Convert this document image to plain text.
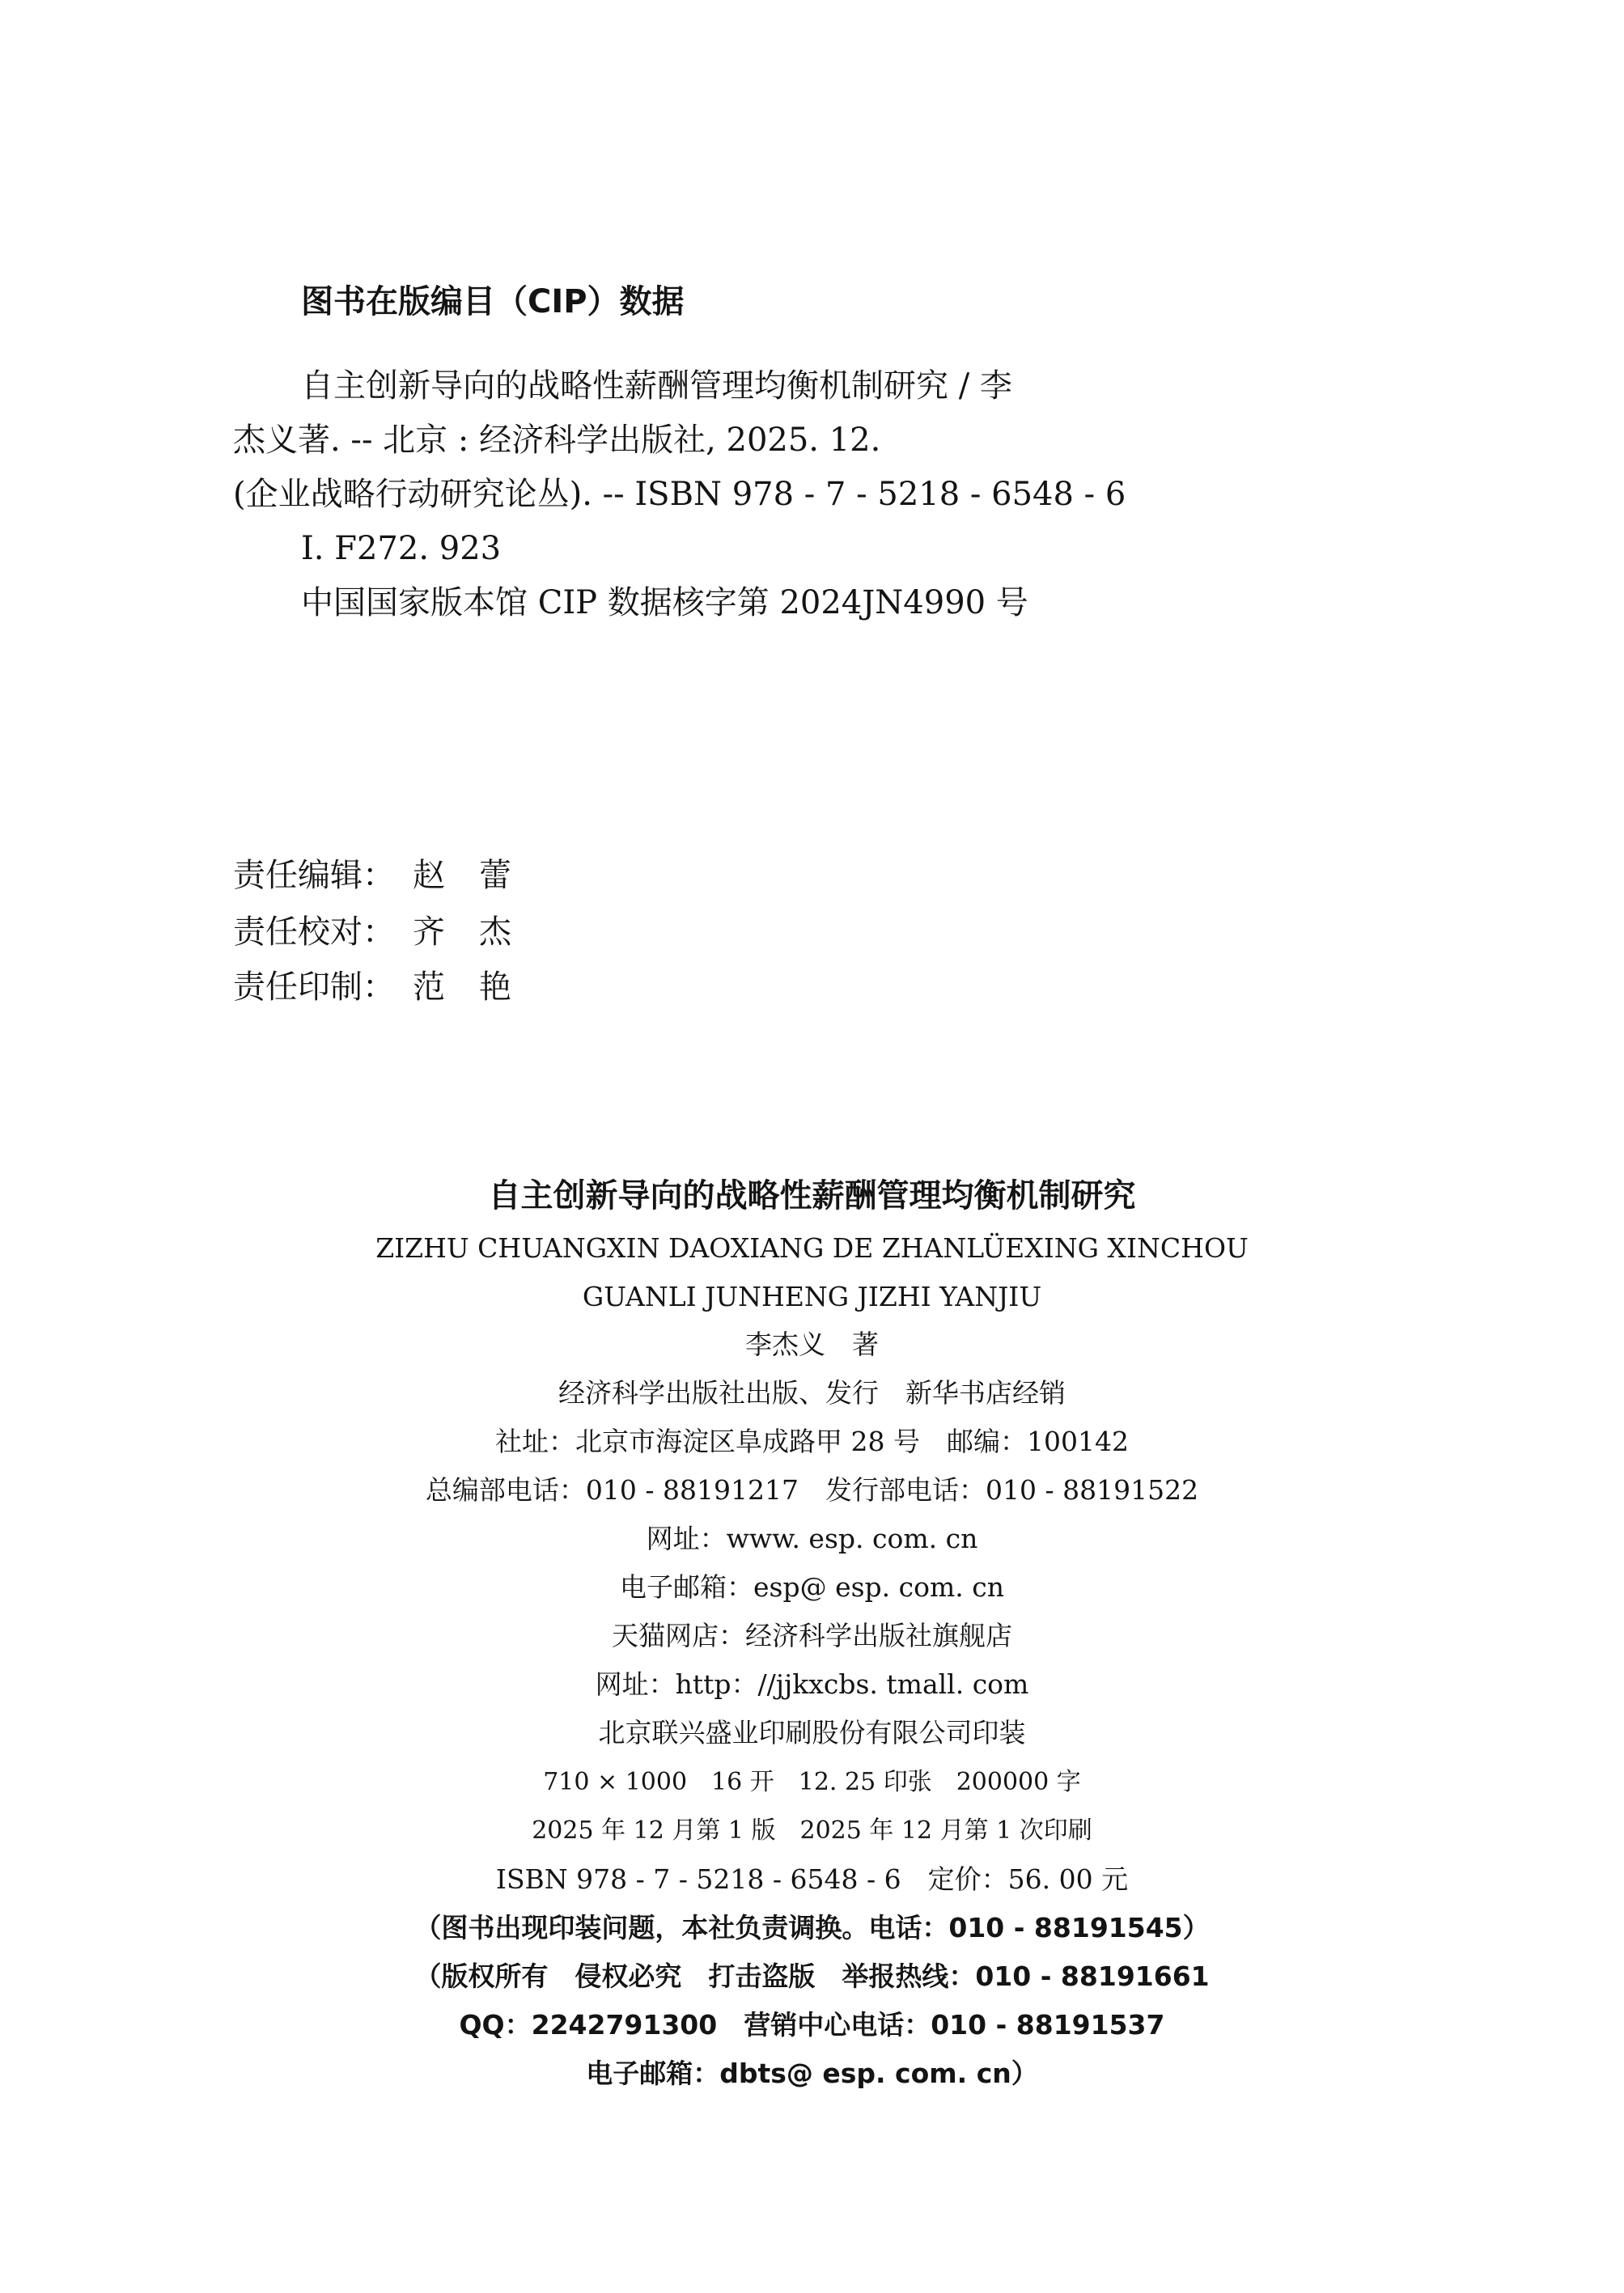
图书在版编目（CIP）数据
自主创新导向的战略性薪酬管理均衡机制研究 / 李
杰义著. -- 北京 : 经济科学出版社, 2025. 12.
(企业战略行动研究论丛). -- ISBN 978 - 7 - 5218 - 6548 - 6
Ⅰ. F272. 923
中国国家版本馆 CIP 数据核字第 2024JN4990 号
责任编辑： 赵蕾
责任校对： 齐杰
责任印制： 范艳
自主创新导向的战略性薪酬管理均衡机制研究
ZIZHU CHUANGXIN DAOXIANG DE ZHANLÜEXING XINCHOU
GUANLI JUNHENG JIZHI YANJIU
李杰义　著
经济科学出版社出版、发行　新华书店经销
社址：北京市海淀区阜成路甲 28 号　邮编：100142
总编部电话：010 - 88191217　发行部电话：010 - 88191522
网址：www. esp. com. cn
电子邮箱：esp@ esp. com. cn
天猫网店：经济科学出版社旗舰店
网址：http：//jjkxcbs. tmall. com
北京联兴盛业印刷股份有限公司印装
710 × 1000　16 开　12. 25 印张　200000 字
2025 年 12 月第 1 版　2025 年 12 月第 1 次印刷
ISBN 978 - 7 - 5218 - 6548 - 6　定价：56. 00 元
（图书出现印装问题，本社负责调换。电话：010 - 88191545）
（版权所有　侵权必究　打击盗版　举报热线：010 - 88191661
QQ：2242791300　营销中心电话：010 - 88191537
电子邮箱：dbts@ esp. com. cn）
